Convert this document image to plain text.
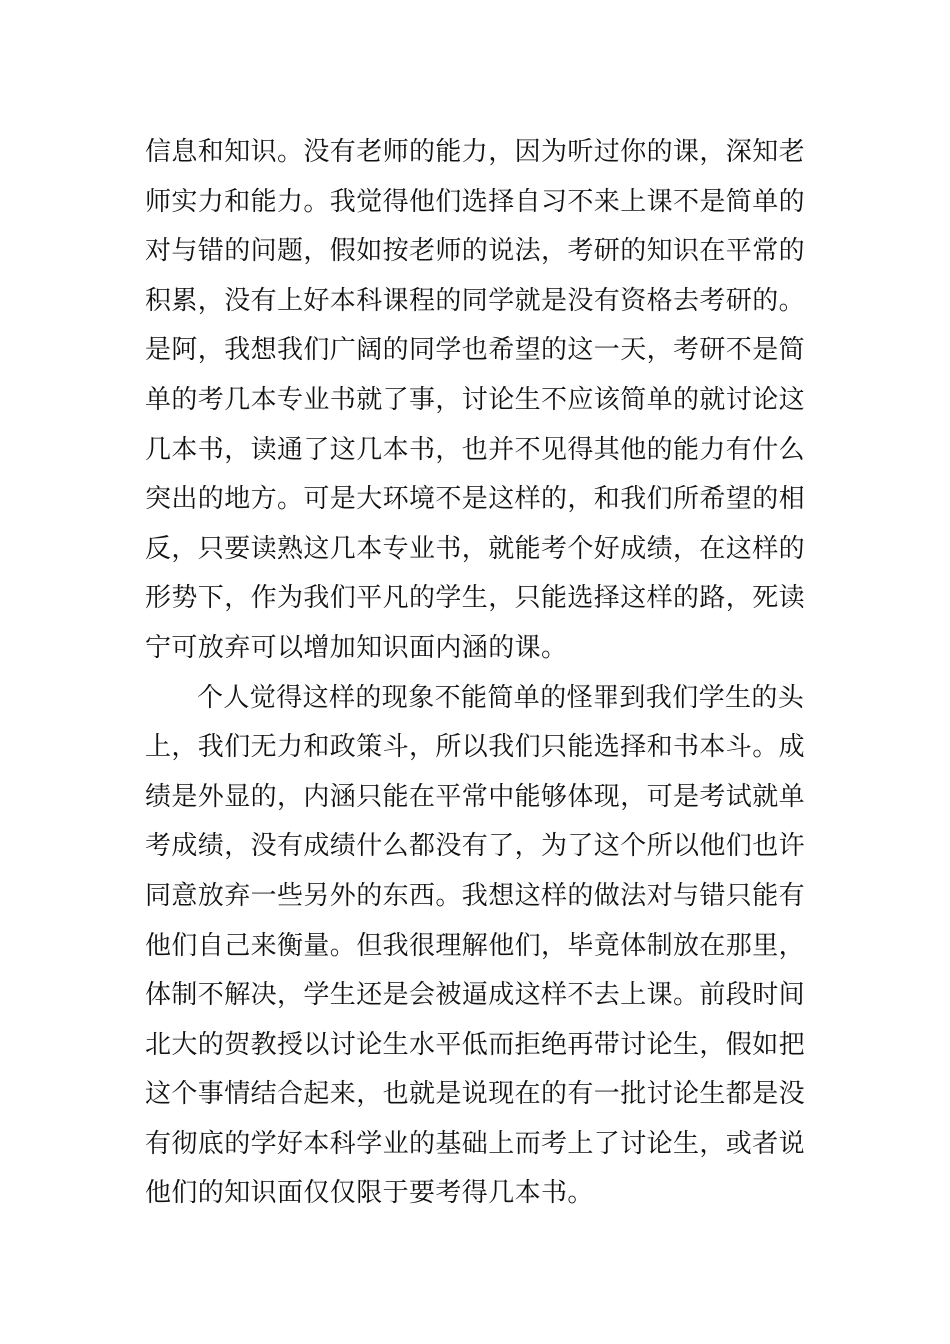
信息和知识。没有老师的能力，因为听过你的课，深知老
师实力和能力。我觉得他们选择自习不来上课不是简单的
对与错的问题，假如按老师的说法，考研的知识在平常的
积累，没有上好本科课程的同学就是没有资格去考研的。
是阿，我想我们广阔的同学也希望的这一天，考研不是简
单的考几本专业书就了事，讨论生不应该简单的就讨论这
几本书，读通了这几本书，也并不见得其他的能力有什么
突出的地方。可是大环境不是这样的，和我们所希望的相
反，只要读熟这几本专业书，就能考个好成绩，在这样的
形势下，作为我们平凡的学生，只能选择这样的路，死读
宁可放弃可以增加知识面内涵的课。
个人觉得这样的现象不能简单的怪罪到我们学生的头
上，我们无力和政策斗，所以我们只能选择和书本斗。成
绩是外显的，内涵只能在平常中能够体现，可是考试就单
考成绩，没有成绩什么都没有了，为了这个所以他们也许
同意放弃一些另外的东西。我想这样的做法对与错只能有
他们自己来衡量。但我很理解他们，毕竟体制放在那里，
体制不解决，学生还是会被逼成这样不去上课。前段时间
北大的贺教授以讨论生水平低而拒绝再带讨论生，假如把
这个事情结合起来，也就是说现在的有一批讨论生都是没
有彻底的学好本科学业的基础上而考上了讨论生，或者说
他们的知识面仅仅限于要考得几本书。
